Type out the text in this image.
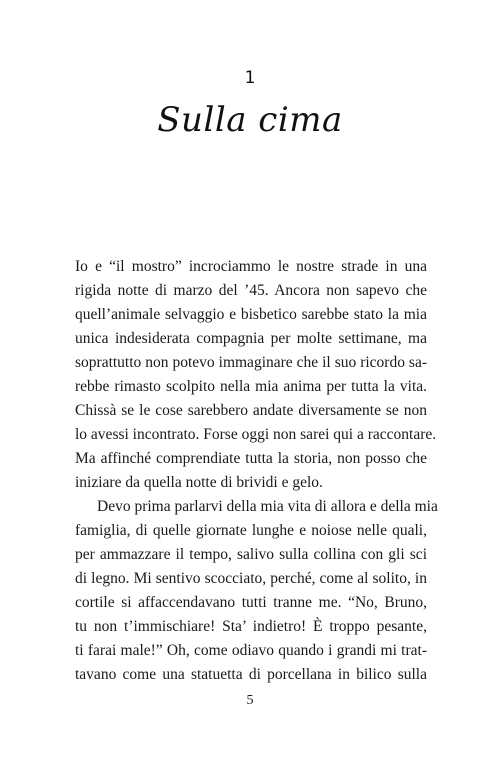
1
Sulla cima
Io e “il mostro” incrociammo le nostre strade in una
rigida notte di marzo del ’45. Ancora non sapevo che
quell’animale selvaggio e bisbetico sarebbe stato la mia
unica indesiderata compagnia per molte settimane, ma
soprattutto non potevo immaginare che il suo ricordo sa-
rebbe rimasto scolpito nella mia anima per tutta la vita.
Chissà se le cose sarebbero andate diversamente se non
lo avessi incontrato. Forse oggi non sarei qui a raccontare.
Ma affinché comprendiate tutta la storia, non posso che
iniziare da quella notte di brividi e gelo.
Devo prima parlarvi della mia vita di allora e della mia
famiglia, di quelle giornate lunghe e noiose nelle quali,
per ammazzare il tempo, salivo sulla collina con gli sci
di legno. Mi sentivo scocciato, perché, come al solito, in
cortile si affaccendavano tutti tranne me. “No, Bruno,
tu non t’immischiare! Sta’ indietro! È troppo pesante,
ti farai male!” Oh, come odiavo quando i grandi mi trat-
tavano come una statuetta di porcellana in bilico sulla
5
